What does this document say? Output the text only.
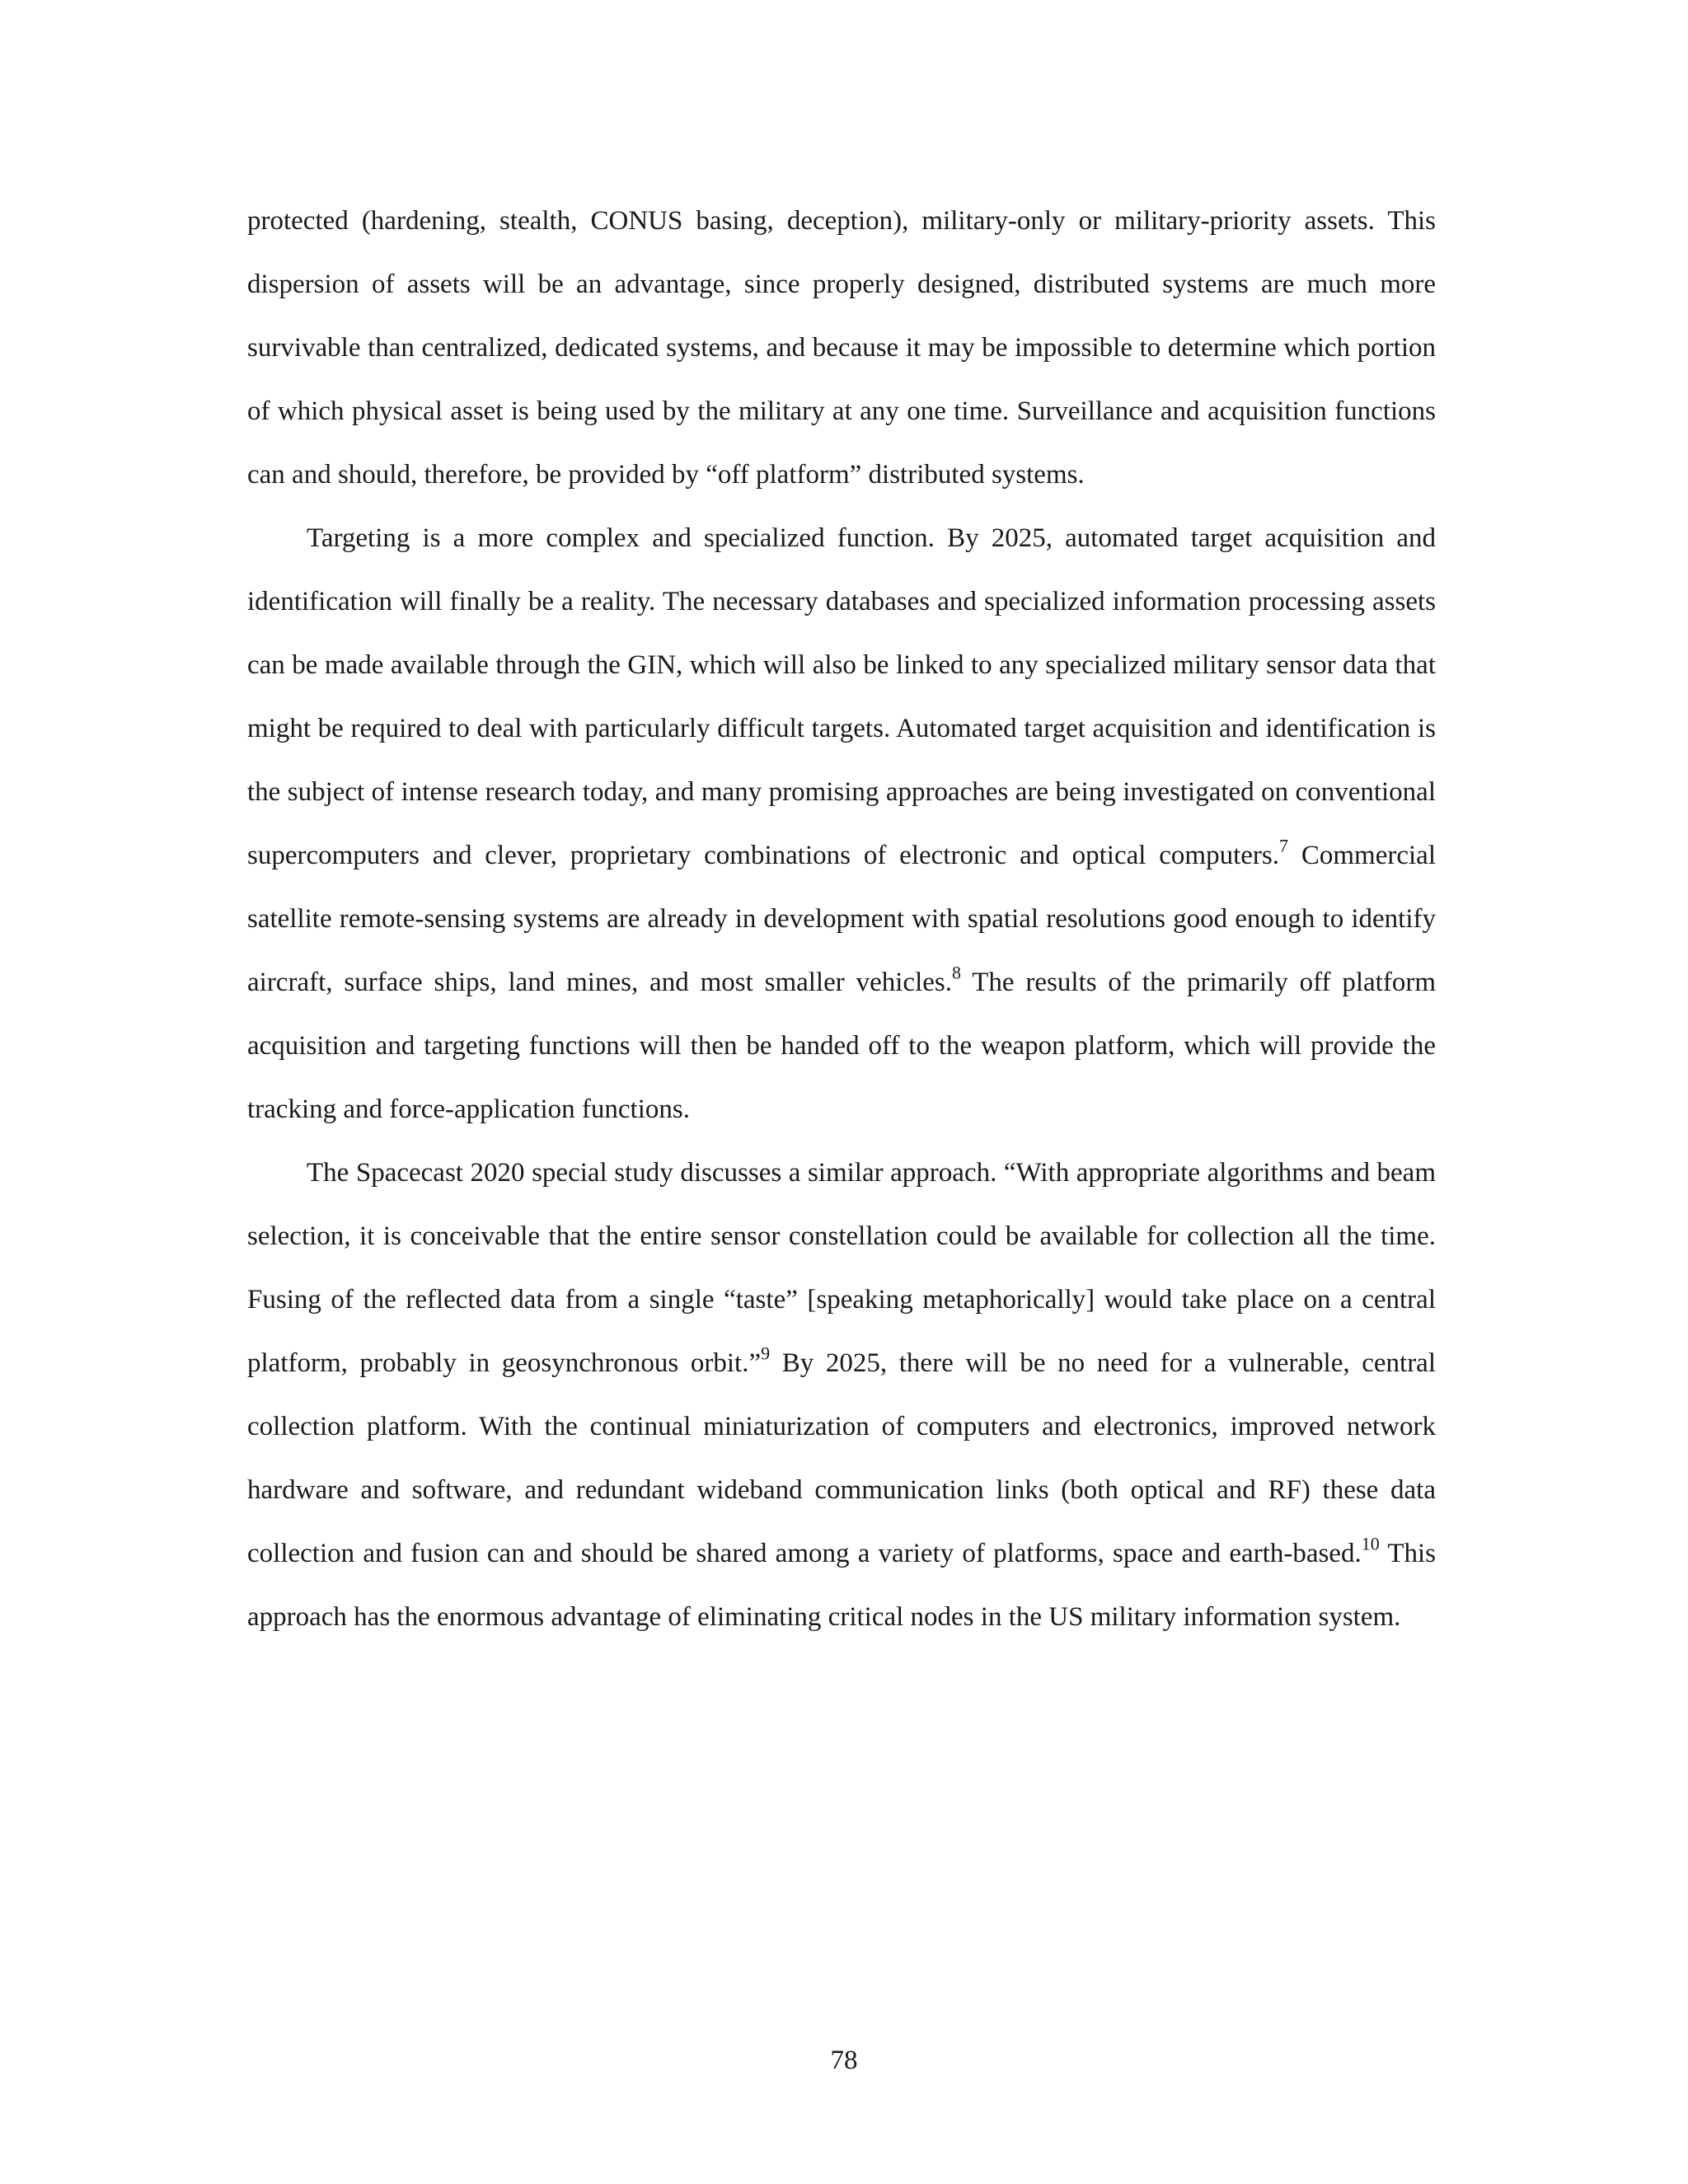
protected (hardening, stealth, CONUS basing, deception), military-only or military-priority assets. This dispersion of assets will be an advantage, since properly designed, distributed systems are much more survivable than centralized, dedicated systems, and because it may be impossible to determine which portion of which physical asset is being used by the military at any one time. Surveillance and acquisition functions can and should, therefore, be provided by “off platform” distributed systems.

Targeting is a more complex and specialized function. By 2025, automated target acquisition and identification will finally be a reality. The necessary databases and specialized information processing assets can be made available through the GIN, which will also be linked to any specialized military sensor data that might be required to deal with particularly difficult targets. Automated target acquisition and identification is the subject of intense research today, and many promising approaches are being investigated on conventional supercomputers and clever, proprietary combinations of electronic and optical computers.$^7$ Commercial satellite remote-sensing systems are already in development with spatial resolutions good enough to identify aircraft, surface ships, land mines, and most smaller vehicles.$^8$ The results of the primarily off platform acquisition and targeting functions will then be handed off to the weapon platform, which will provide the tracking and force-application functions.

The Spacecast 2020 special study discusses a similar approach. “With appropriate algorithms and beam selection, it is conceivable that the entire sensor constellation could be available for collection all the time. Fusing of the reflected data from a single “taste” [speaking metaphorically] would take place on a central platform, probably in geosynchronous orbit.”$^9$ By 2025, there will be no need for a vulnerable, central collection platform. With the continual miniaturization of computers and electronics, improved network hardware and software, and redundant wideband communication links (both optical and RF) these data collection and fusion can and should be shared among a variety of platforms, space and earth-based.$^{10}$ This approach has the enormous advantage of eliminating critical nodes in the US military information system.

78
